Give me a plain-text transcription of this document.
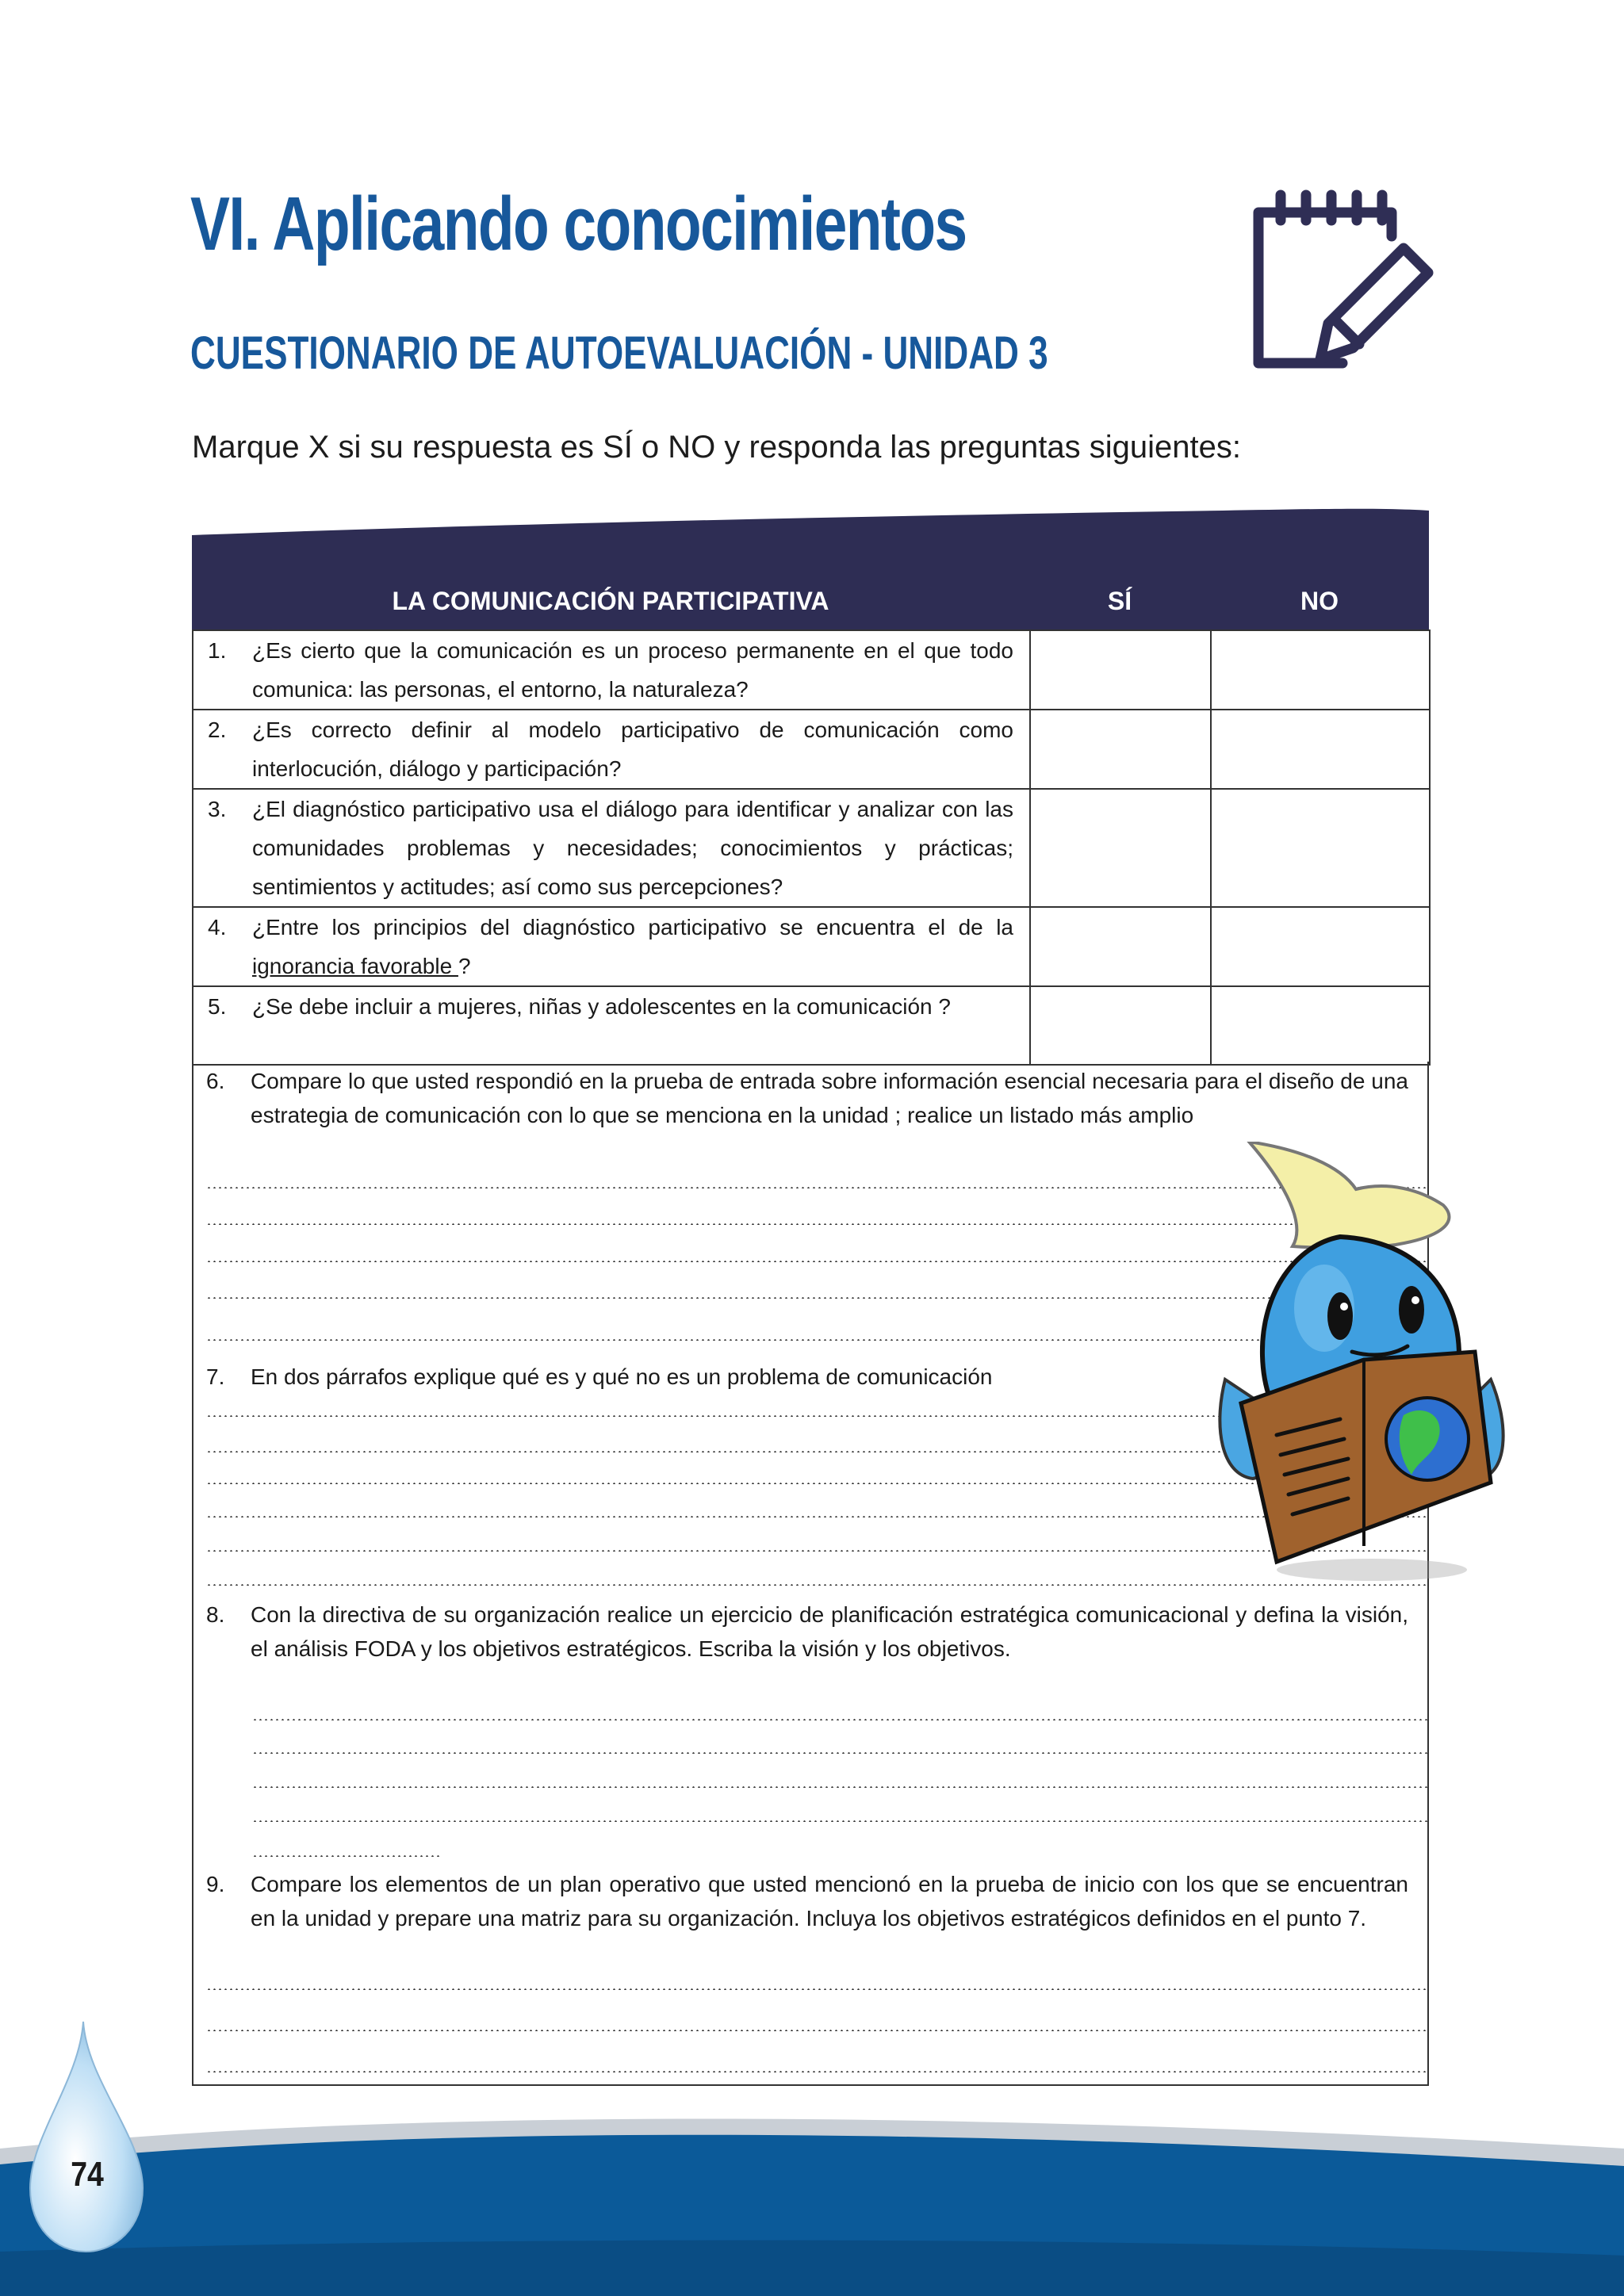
VI. Aplicando conocimientos
CUESTIONARIO DE AUTOEVALUACIÓN - UNIDAD 3

Marque X si su respuesta es SÍ o NO y responda las preguntas siguientes:

LA COMUNICACIÓN PARTICIPATIVA	SÍ	NO
1. ¿Es cierto que la comunicación es un proceso permanente en el que todo comunica: las personas, el entorno, la naturaleza?		

2. ¿Es correcto definir al modelo participativo de comunicación como interlocución, diálogo y participación?		

3. ¿El diagnóstico participativo usa el diálogo para identificar y analizar con las comunidades problemas y necesidades; conocimientos y prácticas; sentimientos y actitudes; así como sus percepciones?		

4. ¿Entre los principios del diagnóstico participativo se encuentra el de la ignorancia favorable ?		

5. ¿Se debe incluir a mujeres, niñas y adolescentes en la comunicación ?		

6. Compare lo que usted respondió en la prueba de entrada sobre información esencial necesaria para el diseño de una estrategia de comunicación con lo que se menciona en la unidad ; realice un listado más amplio
7. En dos párrafos explique qué es y qué no es un problema de comunicación
8. Con la directiva de su organización realice un ejercicio de planificación estratégica comunicacional y defina la visión, el análisis FODA y los objetivos estratégicos. Escriba la visión y los objetivos.
9. Compare los elementos de un plan operativo que usted mencionó en la prueba de inicio con los que se encuentran en la unidad y prepare una matriz para su organización. Incluya los objetivos estratégicos definidos en el punto 7.
74
